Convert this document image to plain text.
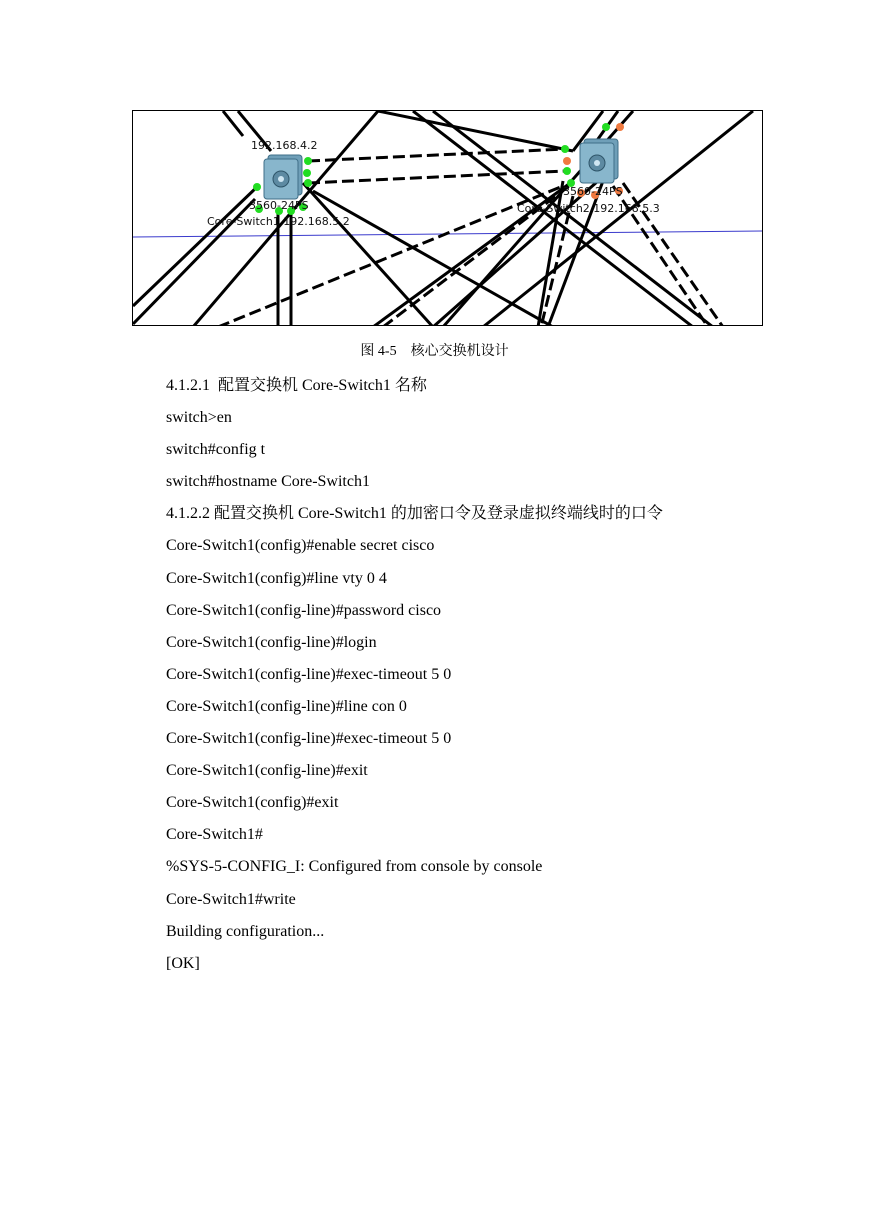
192.168.4.2
3560-24PS
Core-Switch1 192.168.5.2
3560-24PS
Core-Switch2 192.168.5.3
图 4-5    核心交换机设计
4.1.2.1  配置交换机 Core-Switch1 名称
switch>en
switch#config t
switch#hostname Core-Switch1
4.1.2.2 配置交换机 Core-Switch1 的加密口令及登录虚拟终端线时的口令
Core-Switch1(config)#enable secret cisco
Core-Switch1(config)#line vty 0 4
Core-Switch1(config-line)#password cisco
Core-Switch1(config-line)#login
Core-Switch1(config-line)#exec-timeout 5 0
Core-Switch1(config-line)#line con 0
Core-Switch1(config-line)#exec-timeout 5 0
Core-Switch1(config-line)#exit
Core-Switch1(config)#exit
Core-Switch1#
%SYS-5-CONFIG_I: Configured from console by console
Core-Switch1#write
Building configuration...
[OK]
